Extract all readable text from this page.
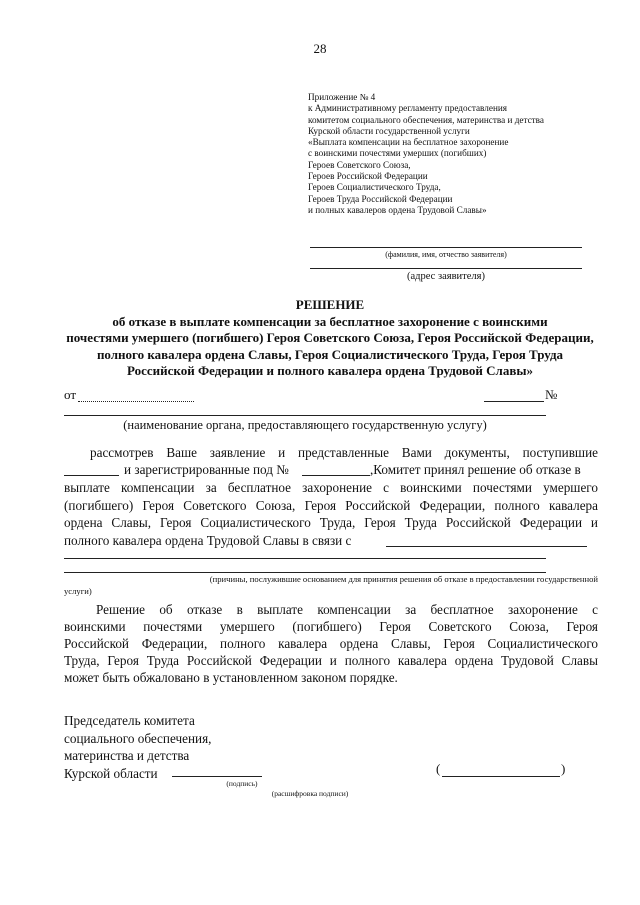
28
Приложение № 4
к Административному регламенту предоставления
комитетом социального обеспечения, материнства и детства
Курской области государственной услуги
«Выплата компенсации на бесплатное захоронение
с воинскими почестями умерших (погибших)
Героев Советского Союза,
Героев Российской Федерации
Героев Социалистического Труда,
Героев Труда Российской Федерации
и полных кавалеров ордена Трудовой Славы»
(фамилия, имя, отчество заявителя)
(адрес заявителя)
РЕШЕНИЕ
об отказе в выплате компенсации за бесплатное захоронение с воинскими
почестями умершего (погибшего) Героя Советского Союза, Героя Российской Федерации,
полного кавалера ордена Славы, Героя Социалистического Труда, Героя Труда
Российской Федерации и полного кавалера ордена Трудовой Славы»
от	№
(наименование органа, предоставляющего государственную услугу)
рассмотрев Ваше заявление и представленные Вами документы, поступившие
и зарегистрированные под №	,Комитет принял решение об отказе в
выплате компенсации за бесплатное захоронение с воинскими почестями умершего
(погибшего) Героя Советского Союза, Героя Российской Федерации, полного кавалера
ордена Славы, Героя Социалистического Труда, Героя Труда Российской Федерации и
полного кавалера ордена Трудовой Славы в связи с
(причины, послужившие основанием для принятия решения об отказе в предоставлении государственной
услуги)
Решение об отказе в выплате компенсации за бесплатное захоронение с
воинскими почестями умершего (погибшего) Героя Советского Союза, Героя
Российской Федерации, полного кавалера ордена Славы, Героя Социалистического
Труда, Героя Труда Российской Федерации и полного кавалера ордена Трудовой Славы
может быть обжаловано в установленном законом порядке.
Председатель комитета
социального обеспечения,
материнства и детства
Курской области
(подпись)
(расшифровка подписи)
(	)
